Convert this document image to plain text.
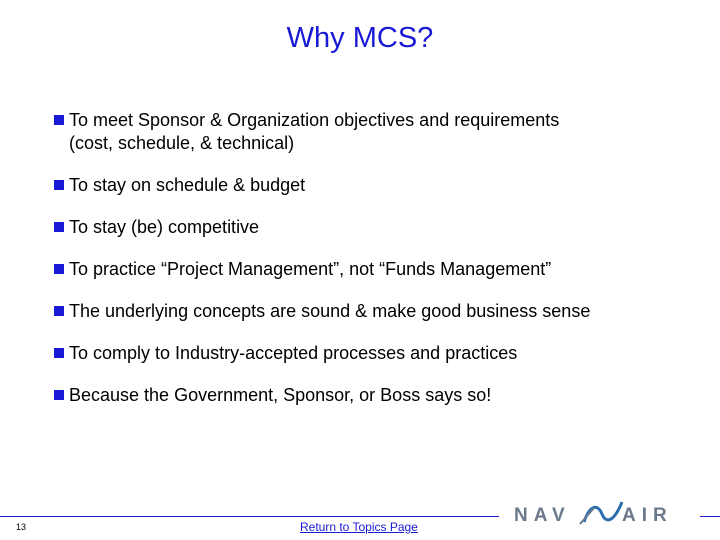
Why MCS?
To meet Sponsor & Organization objectives and requirements
(cost, schedule, & technical)
To stay on schedule & budget
To stay (be) competitive
To practice “Project Management”, not “Funds Management”
The underlying concepts are sound & make good business sense
To comply to Industry-accepted processes and practices
Because the Government, Sponsor, or Boss says so!
13	Return to Topics Page
NAV	AIR
